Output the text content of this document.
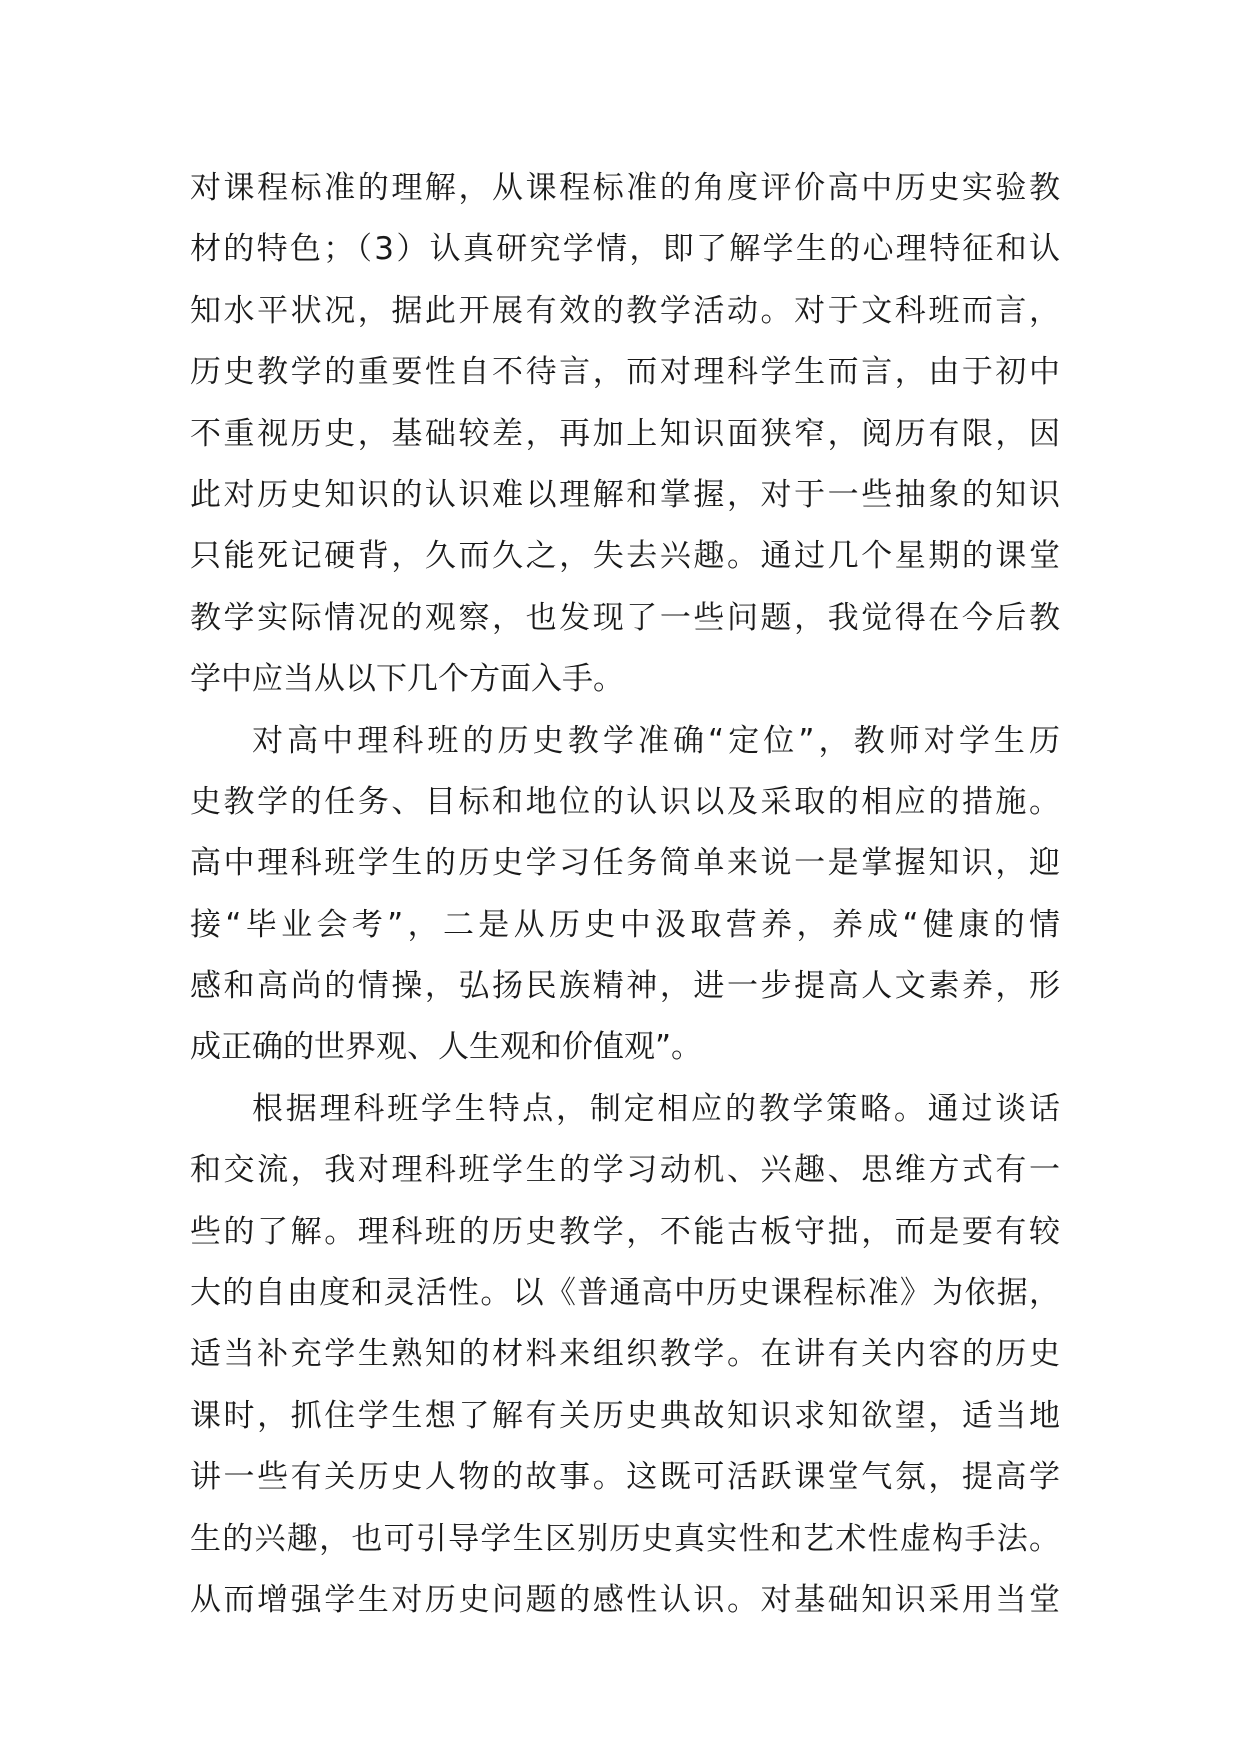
对课程标准的理解，从课程标准的角度评价高中历史实验教
材的特色；（3）认真研究学情，即了解学生的心理特征和认
知水平状况，据此开展有效的教学活动。对于文科班而言，
历史教学的重要性自不待言，而对理科学生而言，由于初中
不重视历史，基础较差，再加上知识面狭窄，阅历有限，因
此对历史知识的认识难以理解和掌握，对于一些抽象的知识
只能死记硬背，久而久之，失去兴趣。通过几个星期的课堂
教学实际情况的观察，也发现了一些问题，我觉得在今后教
学中应当从以下几个方面入手。
对高中理科班的历史教学准确“定位”，教师对学生历
史教学的任务、目标和地位的认识以及采取的相应的措施。
高中理科班学生的历史学习任务简单来说一是掌握知识，迎
接“毕业会考”，二是从历史中汲取营养，养成“健康的情
感和高尚的情操，弘扬民族精神，进一步提高人文素养，形
成正确的世界观、人生观和价值观”。
根据理科班学生特点，制定相应的教学策略。通过谈话
和交流，我对理科班学生的学习动机、兴趣、思维方式有一
些的了解。理科班的历史教学，不能古板守拙，而是要有较
大的自由度和灵活性。以《普通高中历史课程标准》为依据，
适当补充学生熟知的材料来组织教学。在讲有关内容的历史
课时，抓住学生想了解有关历史典故知识求知欲望，适当地
讲一些有关历史人物的故事。这既可活跃课堂气氛，提高学
生的兴趣，也可引导学生区别历史真实性和艺术性虚构手法。
从而增强学生对历史问题的感性认识。对基础知识采用当堂
